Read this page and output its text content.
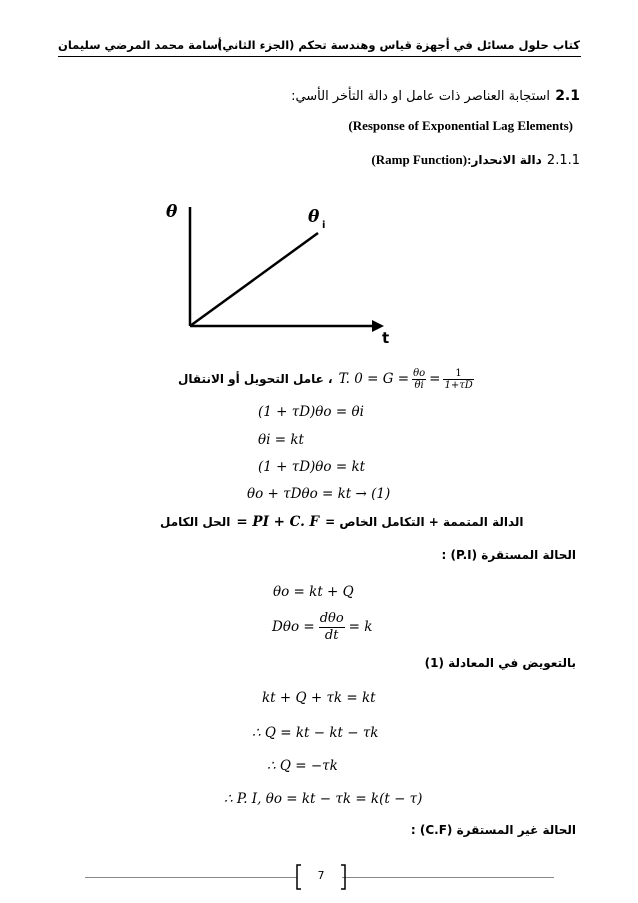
كتاب حلول مسائل في أجهزة قياس وهندسة تحكم (الجزء الثاني)
أسامة محمد المرضي سليمان
2.1
استجابة العناصر ذات عامل او دالة التأخر الأسي:
(Response of Exponential Lag Elements)
2.1.1 دالة الانحدار(Ramp Function):
θ	θ i
t
، عامل التحويل أو الانتقال T. $0 = G = \frac{\theta o}{\theta i} = \frac{1}{1+\tau D}$
(1 + τD)θo = θi
θi = kt
(1 + τD)θo = kt
θo + τDθo = kt → (1)
الحل الكامل = PI + C. F الدالة المتممة + التكامل الخاص =
الحالة المستقرة (P.I) :
θo = kt + Q
$D\theta o = \frac{\text{dθo}}{dt} = k$
بالتعويض في المعادلة (1)
kt + Q + τk = kt
∴ Q = kt − kt − τk
∴ Q = −τk
∴ P. I, θo = kt − τk = k(t − τ)
الحالة غير المستقرة (C.F) :
7
